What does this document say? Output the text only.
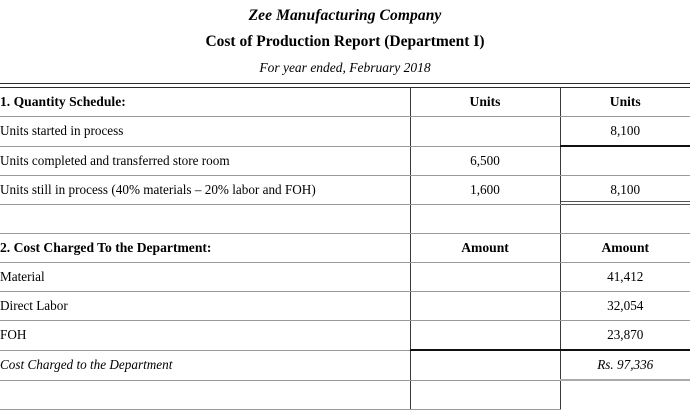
Zee Manufacturing Company
Cost of Production Report (Department I)
For year ended, February 2018

1. Quantity Schedule:	Units	Units
Units started in process		8,100
Units completed and transferred store room	6,500	
Units still in process (40% materials – 20% labor and FOH)	1,600	8,100

2. Cost Charged To the Department:	Amount	Amount
Material		41,412
Direct Labor		32,054
FOH		23,870
Cost Charged to the Department		Rs. 97,336
